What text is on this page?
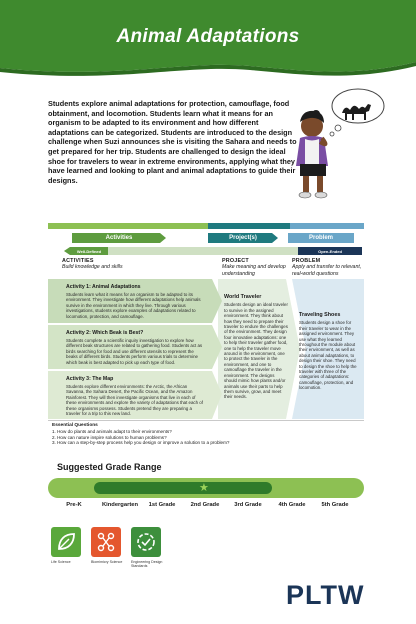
Animal Adaptations

Students explore animal adaptations for protection, camouflage, food obtainment, and locomotion. Students learn what it means for an organism to be adapted to its environment and how different adaptations can be categorized. Students are introduced to the design challenge when Suzi announces she is visiting the Sahara and needs to get prepared for her trip. Students are challenged to design the ideal shoe for travelers to wear in extreme environments, applying what they have learned and looking to plant and animal adaptations to guide their designs.

Activities	Project(s)	Problem
Well-Defined	Open-Ended
ACTIVITIES
Build knowledge and skills
PROJECT
Make meaning and develop understanding
PROBLEM
Apply and transfer to relevant, real-world questions
Activity 1: Animal Adaptations

Students learn what it means for an organism to be adapted to its environment. They investigate how different adaptations help animals survive in the environment in which they live. Through various investigations, students explore examples of adaptations related to locomotion, protection, and camouflage.

Activity 2: Which Beak is Best?

Students complete a scientific inquiry investigation to explore how different beak structures are related to gathering food. Students act as birds searching for food and use different utensils to represent the beaks of different birds. Students perform various trials to determine which beak is best adapted to pick up each type of food.

Activity 3: The Map

Students explore different environments: the Arctic, the African Savanna, the Sahara Desert, the Pacific Ocean, and the Amazon Rainforest. They will then investigate organisms that live in each of these environments and explore the variety of adaptations that each of these organisms possess. Students pretend they are preparing a traveler for a trip to this new land.

World Traveler

Students design an ideal traveler to survive in the assigned environment. They think about how they need to prepare their traveler to endure the challenges of the environment. They design four innovative adaptations: one to help their traveler gather food, one to help the traveler move around in the environment, one to protect the traveler in the environment, and one to camouflage the traveler in the environment. The designs should mimic how plants and/or animals use their parts to help them survive, grow, and meet their needs.

Traveling Shoes

Students design a shoe for their traveler to wear in the assigned environment. They use what they learned throughout the module about their environment, as well as about animal adaptations, to design their shoe. They need to design the shoe to help the traveler with three of the categories of adaptations: camouflage, protection, and locomotion.

Essential Questions

1. How do plants and animals adapt to their environments?

2. How can nature inspire solutions to human problems?

3. How can a step-by-step process help you design or improve a solution to a problem?

Suggested Grade Range
★
Pre-K	Kindergarten	1st Grade	2nd Grade	3rd Grade	4th Grade	5th Grade
Life Science	Biomimicry Science	Engineering Design Standards
PLTW
